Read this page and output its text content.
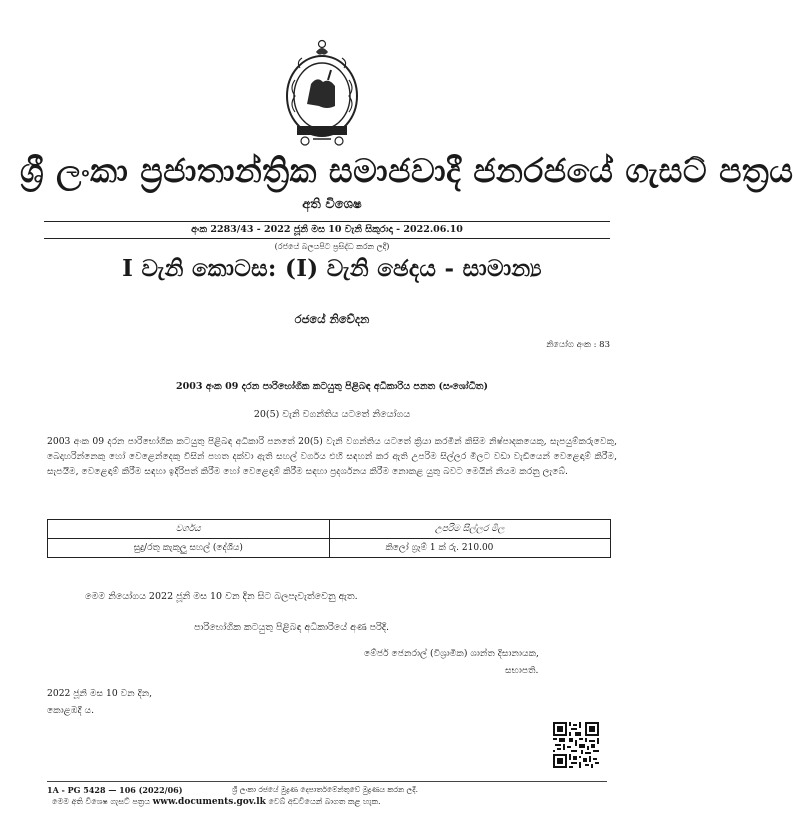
ශ්‍රී ලංකා ප්‍රජාතාන්ත්‍රික සමාජවාදී ජනරජයේ ගැසට් පත්‍රය
අති විශෙෂ
අංක 2283/43 - 2022 ජූනි මස 10 වැනි සිකුරාදා - 2022.06.10
(රජයේ බලයපිට ප්‍රසිද්ධ කරන ලදී)
I වැනි කොටස: (I) වැනි ඡෙදය - සාමාන්‍ය
රජයේ නිවේදන
නියෝග අංක : 83
2003 අංක 09 දරන පාරිභෝගික කටයුතු පිළිබඳ අධිකාරිය පනත (සංශෝධිත)
20(5) වැනි වගන්තිය යටතේ නියෝගය
2003 අංක 09 දරන පාරිභෝගික කටයුතු පිළිබඳ අධිකාරි පනතේ 20(5) වැනි වගන්තිය යටතේ ක්‍රියා කරමින් කිසිම නිෂ්පාදකයෙකු, සැපයුම්කරුවෙකු, බෙදාහරින්නෙකු හෝ වෙළෙන්දෙකු විසින් පහත දක්වා ඇති සහල් වර්ගය එහි සඳහන් කර ඇති උපරිම සිල්ලර මිලට වඩා වැඩියෙන් වෙළෙඳාම් කිරීම, සැපයීම, වෙළෙඳාම් කිරීම සඳහා ඉදිරිපත් කිරීම හෝ වෙළෙඳාම් කිරීම සඳහා ප්‍රදර්ශනය කිරීම නොකළ යුතු බවට මෙයින් නියම කරනු ලැබේ.
වර්ගය	උපරිම සිල්ලර මිල
සුදු/රතු කැකුලු සහල් (දේශීය)	කිලෝ ග්‍රෑම් 1 ක් රු. 210.00
මෙම නියෝගය 2022 ජූනි මස 10 වන දින සිට බලපැවැත්වෙනු ඇත.
පාරිභෝගික කටයුතු පිළිබඳ අධිකාරියේ අණ පරිදි.
මේජර් ජෙනරාල් (විශ්‍රාමික) ශාන්ත දිසානායක,
සභාපති.
2022 ජූනි මස 10 වන දින,
කොළඹදී ය.
1A - PG 5428 — 106 (2022/06)	ශ්‍රී ලංකා රජයේ මුද්‍රණ දෙපාර්තමේන්තුවේ මුද්‍රණය කරන ලදී.
මෙම අති විශෙෂ ගැසට් පත්‍රය www.documents.gov.lk වෙබ් අඩවියෙන් බාගත කළ හැක.
